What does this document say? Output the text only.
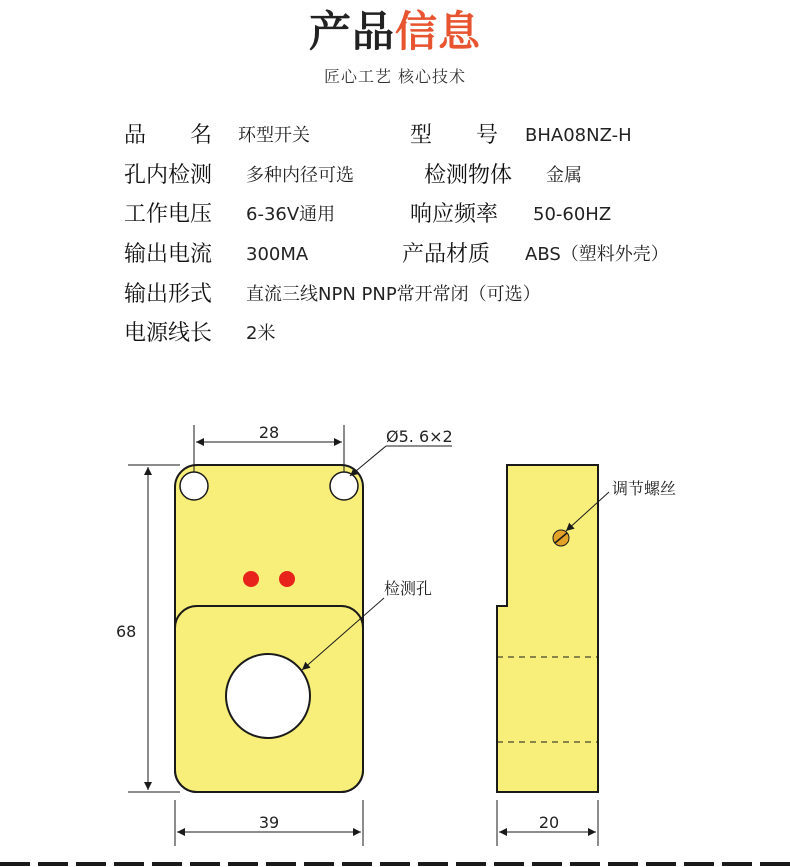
产品信息
匠心工艺 核心技术
品　　名 环型开关	型　　号 BHA08NZ-H
孔内检测 多种内径可选	检测物体 金属
工作电压 6-36V通用	响应频率 50-60HZ
输出电流 300MA	产品材质 ABS（塑料外壳）
输出形式 直流三线NPN PNP常开常闭（可选）
电源线长 2米
28	Ø5. 6×2
68
39
检测孔
调节螺丝
20
